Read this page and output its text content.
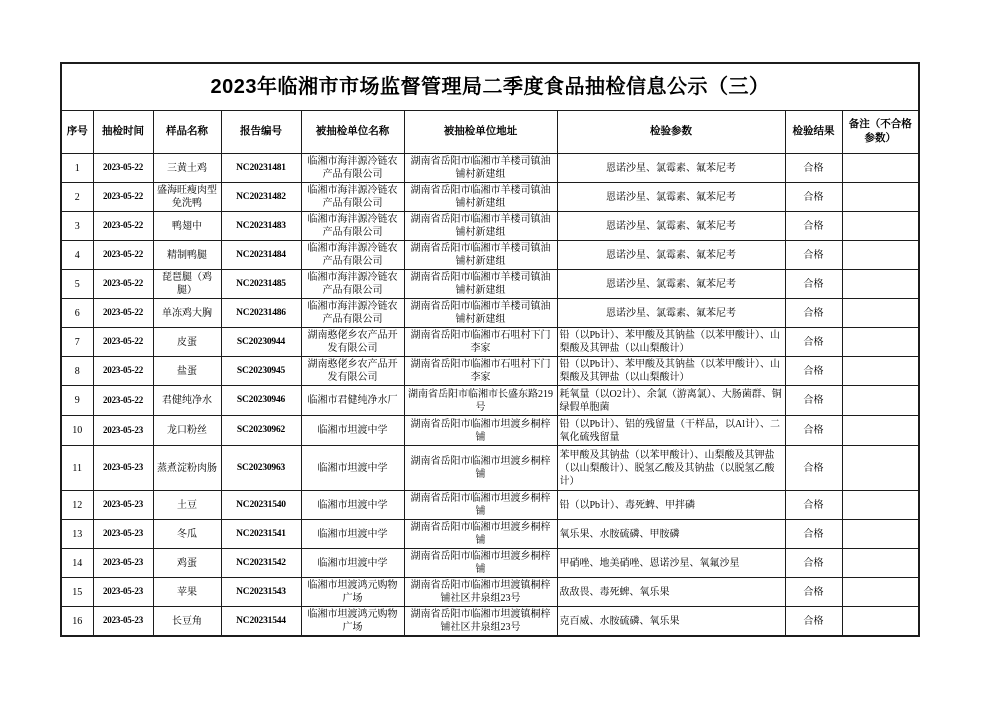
2023年临湘市市场监督管理局二季度食品抽检信息公示（三）								
序号	抽检时间	样品名称	报告编号	被抽检单位名称	被抽检单位地址	检验参数	检验结果	备注（不合格参数）
1	2023-05-22	三黄土鸡	NC20231481	临湘市海沣源冷链农产品有限公司	湖南省岳阳市临湘市羊楼司镇油铺村新建组	恩诺沙星、氯霉素、氟苯尼考	合格	
2	2023-05-22	盛海旺瘦肉型免洗鸭	NC20231482	临湘市海沣源冷链农产品有限公司	湖南省岳阳市临湘市羊楼司镇油铺村新建组	恩诺沙星、氯霉素、氟苯尼考	合格	
3	2023-05-22	鸭翅中	NC20231483	临湘市海沣源冷链农产品有限公司	湖南省岳阳市临湘市羊楼司镇油铺村新建组	恩诺沙星、氯霉素、氟苯尼考	合格	
4	2023-05-22	精制鸭腿	NC20231484	临湘市海沣源冷链农产品有限公司	湖南省岳阳市临湘市羊楼司镇油铺村新建组	恩诺沙星、氯霉素、氟苯尼考	合格	
5	2023-05-22	琵琶腿（鸡腿）	NC20231485	临湘市海沣源冷链农产品有限公司	湖南省岳阳市临湘市羊楼司镇油铺村新建组	恩诺沙星、氯霉素、氟苯尼考	合格	
6	2023-05-22	单冻鸡大胸	NC20231486	临湘市海沣源冷链农产品有限公司	湖南省岳阳市临湘市羊楼司镇油铺村新建组	恩诺沙星、氯霉素、氟苯尼考	合格	
7	2023-05-22	皮蛋	SC20230944	湖南憨佬乡农产品开发有限公司	湖南省岳阳市临湘市石咀村下门李家	铅（以Pb计）、苯甲酸及其钠盐（以苯甲酸计）、山梨酸及其钾盐（以山梨酸计）	合格	
8	2023-05-22	盐蛋	SC20230945	湖南憨佬乡农产品开发有限公司	湖南省岳阳市临湘市石咀村下门李家	铅（以Pb计）、苯甲酸及其钠盐（以苯甲酸计）、山梨酸及其钾盐（以山梨酸计）	合格	
9	2023-05-22	君健纯净水	SC20230946	临湘市君健纯净水厂	湖南省岳阳市临湘市长盛东路219号	耗氧量（以O2计）、余氯（游离氯）、大肠菌群、铜绿假单胞菌	合格	
10	2023-05-23	龙口粉丝	SC20230962	临湘市坦渡中学	湖南省岳阳市临湘市坦渡乡桐梓铺	铅（以Pb计）、铝的残留量（干样品，以Al计）、二氧化硫残留量	合格	
11	2023-05-23	蒸煮淀粉肉肠	SC20230963	临湘市坦渡中学	湖南省岳阳市临湘市坦渡乡桐梓铺	苯甲酸及其钠盐（以苯甲酸计）、山梨酸及其钾盐（以山梨酸计）、脱氢乙酸及其钠盐（以脱氢乙酸计）	合格	
12	2023-05-23	土豆	NC20231540	临湘市坦渡中学	湖南省岳阳市临湘市坦渡乡桐梓铺	铅（以Pb计）、毒死蜱、甲拌磷	合格	
13	2023-05-23	冬瓜	NC20231541	临湘市坦渡中学	湖南省岳阳市临湘市坦渡乡桐梓铺	氧乐果、水胺硫磷、甲胺磷	合格	
14	2023-05-23	鸡蛋	NC20231542	临湘市坦渡中学	湖南省岳阳市临湘市坦渡乡桐梓铺	甲硝唑、地美硝唑、恩诺沙星、氧氟沙星	合格	
15	2023-05-23	苹果	NC20231543	临湘市坦渡鸿元购物广场	湖南省岳阳市临湘市坦渡镇桐梓铺社区井泉组23号	敌敌畏、毒死蜱、氧乐果	合格	
16	2023-05-23	长豆角	NC20231544	临湘市坦渡鸿元购物广场	湖南省岳阳市临湘市坦渡镇桐梓铺社区井泉组23号	克百威、水胺硫磷、氧乐果	合格	
